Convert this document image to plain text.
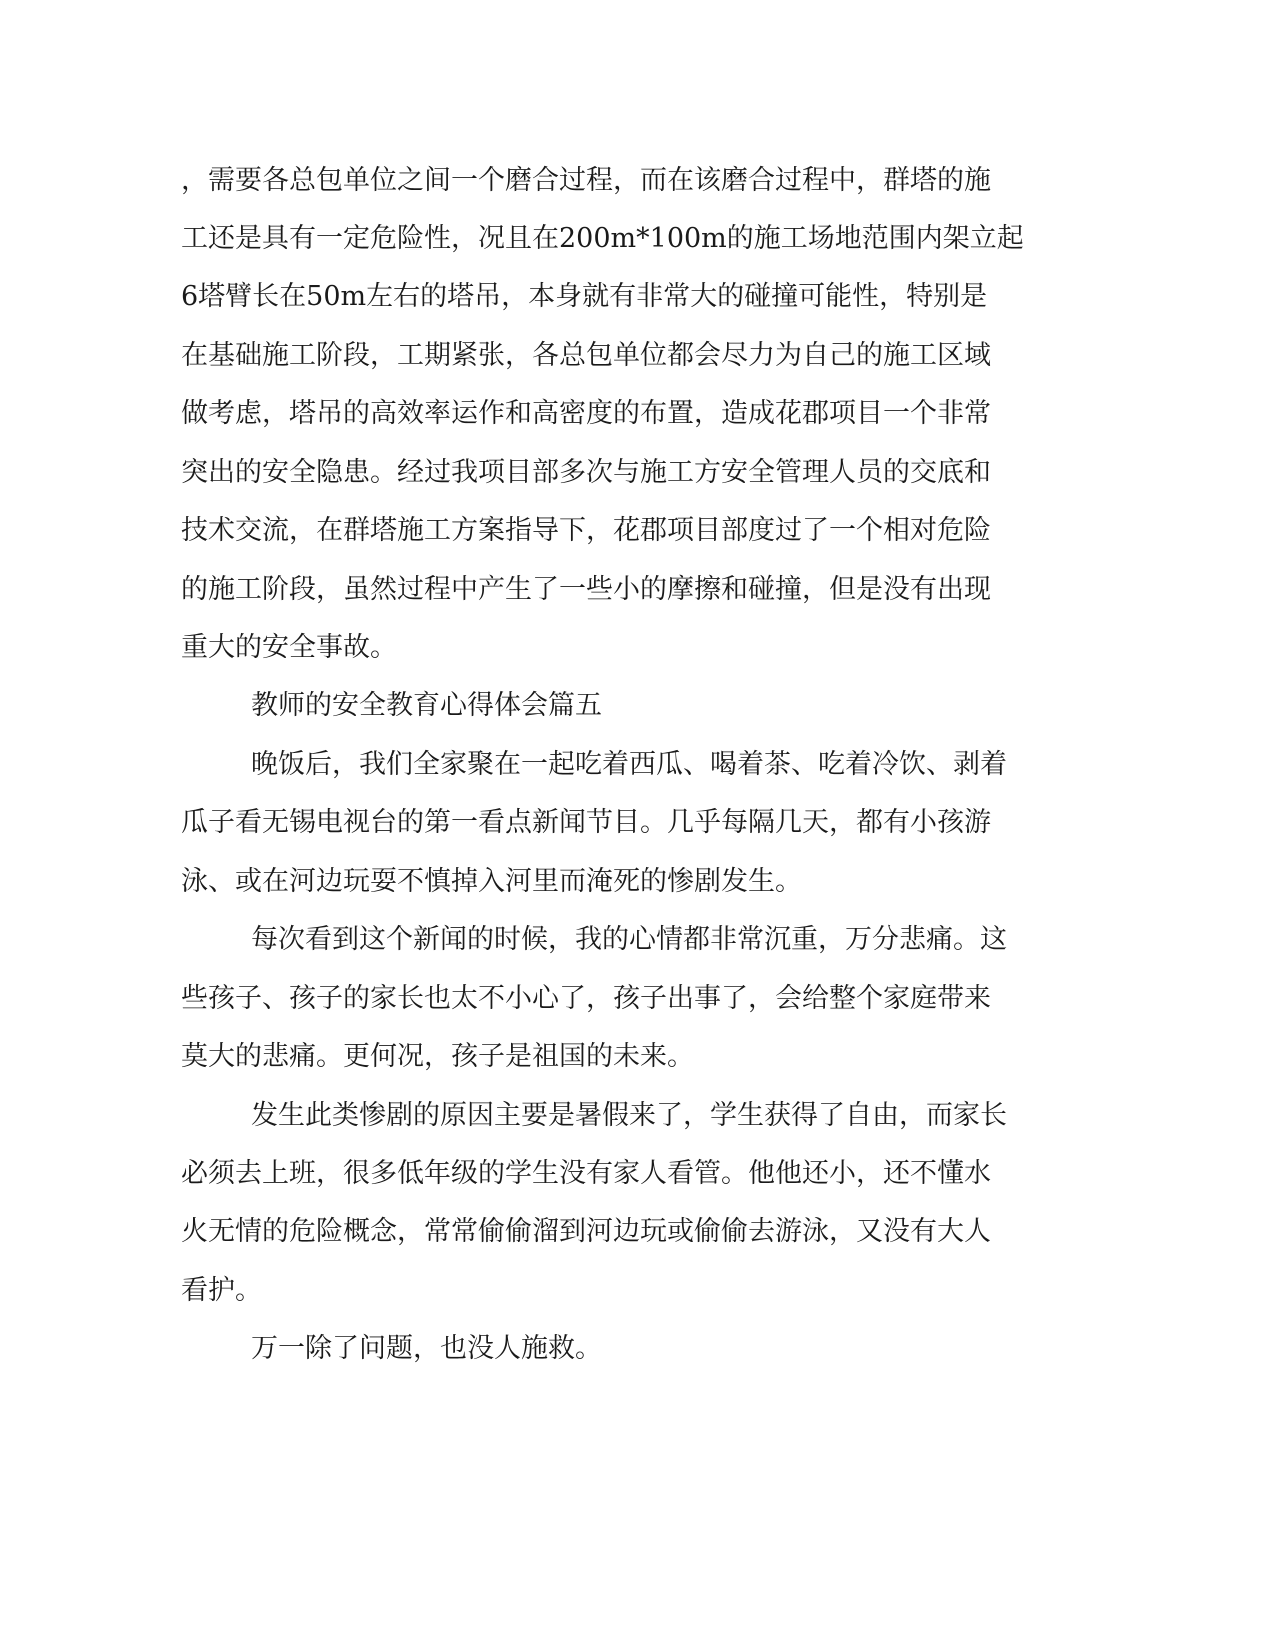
，需要各总包单位之间一个磨合过程，而在该磨合过程中，群塔的施
工还是具有一定危险性，况且在200m*100m的施工场地范围内架立起
6塔臂长在50m左右的塔吊，本身就有非常大的碰撞可能性，特别是
在基础施工阶段，工期紧张，各总包单位都会尽力为自己的施工区域
做考虑，塔吊的高效率运作和高密度的布置，造成花郡项目一个非常
突出的安全隐患。经过我项目部多次与施工方安全管理人员的交底和
技术交流，在群塔施工方案指导下，花郡项目部度过了一个相对危险
的施工阶段，虽然过程中产生了一些小的摩擦和碰撞，但是没有出现
重大的安全事故。
教师的安全教育心得体会篇五
晚饭后，我们全家聚在一起吃着西瓜、喝着茶、吃着冷饮、剥着
瓜子看无锡电视台的第一看点新闻节目。几乎每隔几天，都有小孩游
泳、或在河边玩耍不慎掉入河里而淹死的惨剧发生。
每次看到这个新闻的时候，我的心情都非常沉重，万分悲痛。这
些孩子、孩子的家长也太不小心了，孩子出事了，会给整个家庭带来
莫大的悲痛。更何况，孩子是祖国的未来。
发生此类惨剧的原因主要是暑假来了，学生获得了自由，而家长
必须去上班，很多低年级的学生没有家人看管。他他还小，还不懂水
火无情的危险概念，常常偷偷溜到河边玩或偷偷去游泳，又没有大人
看护。
万一除了问题，也没人施救。
